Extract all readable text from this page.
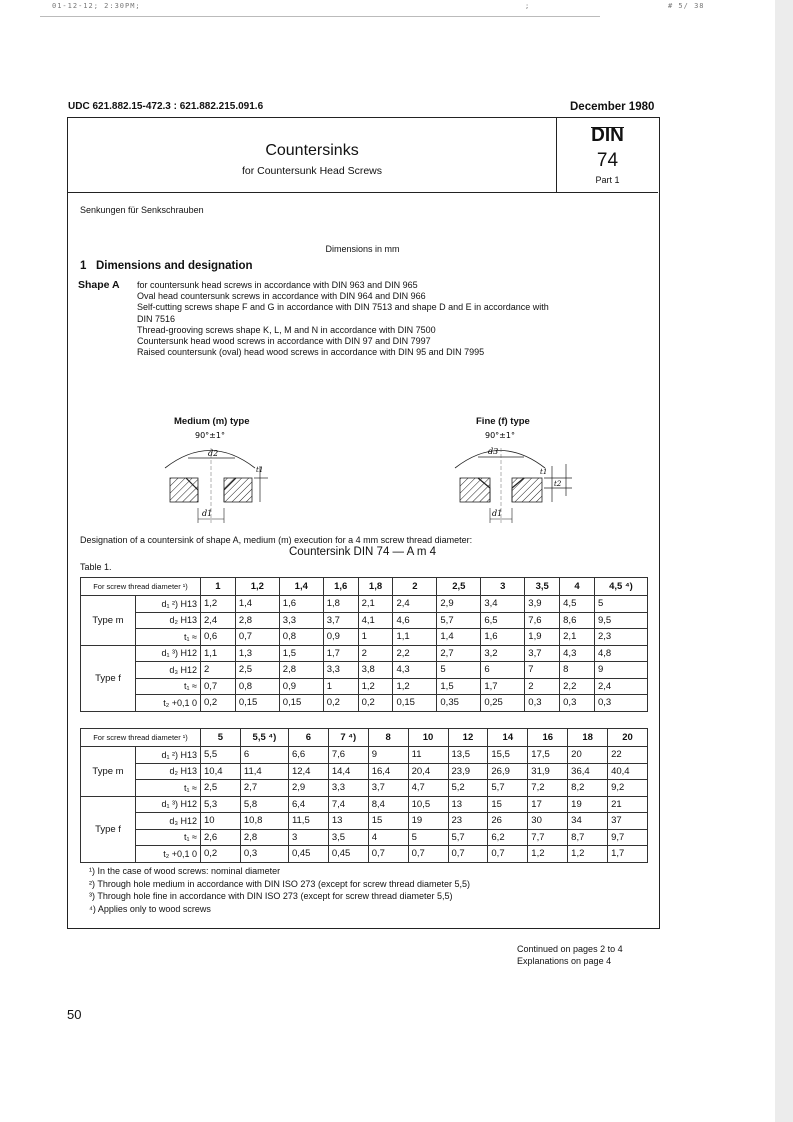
01-12-12; 2:30PM;	;	# 5/ 38
UDC 621.882.15-472.3 : 621.882.215.091.6	December 1980
Countersinks
for Countersunk Head Screws
DIN
74
Part 1
Senkungen für Senkschrauben
Dimensions in mm
1 Dimensions and designation
Shape A for countersunk head screws in accordance with DIN 963 and DIN 965
Oval head countersunk screws in accordance with DIN 964 and DIN 966
Self-cutting screws shape F and G in accordance with DIN 7513 and shape D and E in accordance with
DIN 7516
Thread-grooving screws shape K, L, M and N in accordance with DIN 7500
Countersunk head wood screws in accordance with DIN 97 and DIN 7997
Raised countersunk (oval) head wood screws in accordance with DIN 95 and DIN 7995
Medium (m) type
90°±1°
d2
t1
d1
Fine (f) type
90°±1°
d3
t1
t2
d1
Designation of a countersink of shape A, medium (m) execution for a 4 mm screw thread diameter:
Countersink DIN 74 — A m 4
Table 1.
For screw thread diameter ¹)		1	1,2	1,4	1,6	1,8	2	2,5	3	3,5	4	4,5 ⁴)
Type m	d₁ ²) H13	1,2	1,4	1,6	1,8	2,1	2,4	2,9	3,4	3,9	4,5	5
	d₂ H13	2,4	2,8	3,3	3,7	4,1	4,6	5,7	6,5	7,6	8,6	9,5
	t₁ ≈	0,6	0,7	0,8	0,9	1	1,1	1,4	1,6	1,9	2,1	2,3
Type f	d₁ ³) H12	1,1	1,3	1,5	1,7	2	2,2	2,7	3,2	3,7	4,3	4,8
	d₃ H12	2	2,5	2,8	3,3	3,8	4,3	5	6	7	8	9
	t₁ ≈	0,7	0,8	0,9	1	1,2	1,2	1,5	1,7	2	2,2	2,4
	t₂ +0,1 0	0,2	0,15	0,15	0,2	0,2	0,15	0,35	0,25	0,3	0,3	0,3
For screw thread diameter ¹)		5	5,5 ⁴)	6	7 ⁴)	8	10	12	14	16	18	20
Type m	d₁ ²) H13	5,5	6	6,6	7,6	9	11	13,5	15,5	17,5	20	22
	d₂ H13	10,4	11,4	12,4	14,4	16,4	20,4	23,9	26,9	31,9	36,4	40,4
	t₁ ≈	2,5	2,7	2,9	3,3	3,7	4,7	5,2	5,7	7,2	8,2	9,2
Type f	d₁ ³) H12	5,3	5,8	6,4	7,4	8,4	10,5	13	15	17	19	21
	d₃ H12	10	10,8	11,5	13	15	19	23	26	30	34	37
	t₁ ≈	2,6	2,8	3	3,5	4	5	5,7	6,2	7,7	8,7	9,7
	t₂ +0,1 0	0,2	0,3	0,45	0,45	0,7	0,7	0,7	0,7	1,2	1,2	1,7
¹) In the case of wood screws: nominal diameter
²) Through hole medium in accordance with DIN ISO 273 (except for screw thread diameter 5,5)
³) Through hole fine in accordance with DIN ISO 273 (except for screw thread diameter 5,5)
⁴) Applies only to wood screws
Continued on pages 2 to 4
Explanations on page 4
50
